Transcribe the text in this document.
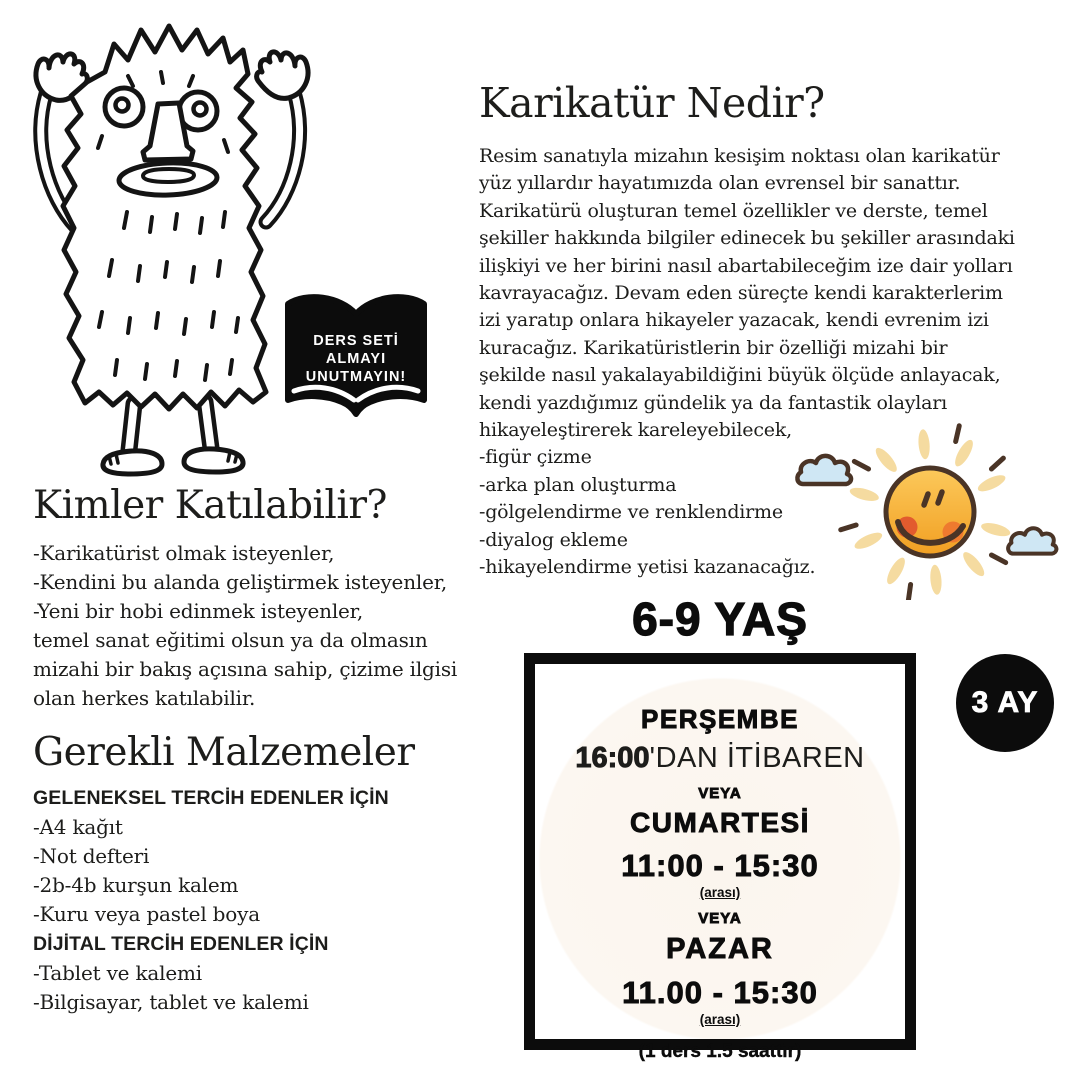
DERS SETİ
ALMAYI
UNUTMAYIN!
Karikatür Nedir?
Resim sanatıyla mizahın kesişim noktası olan karikatür
yüz yıllardır hayatımızda olan evrensel bir sanattır.
Karikatürü oluşturan temel özellikler ve derste, temel
şekiller hakkında bilgiler edinecek bu şekiller arasındaki
ilişkiyi ve her birini nasıl abartabileceğim ize dair yolları
kavrayacağız. Devam eden süreçte kendi karakterlerim
izi yaratıp onlara hikayeler yazacak, kendi evrenim izi
kuracağız. Karikatüristlerin bir özelliği mizahi bir
şekilde nasıl yakalayabildiğini büyük ölçüde anlayacak,
kendi yazdığımız gündelik ya da fantastik olayları
hikayeleştirerek kareleyebilecek,
-figür çizme
-arka plan oluşturma
-gölgelendirme ve renklendirme
-diyalog ekleme
-hikayelendirme yetisi kazanacağız.
Kimler Katılabilir?
-Karikatürist olmak isteyenler,
-Kendini bu alanda geliştirmek isteyenler,
-Yeni bir hobi edinmek isteyenler,
temel sanat eğitimi olsun ya da olmasın
mizahi bir bakış açısına sahip, çizime ilgisi
olan herkes katılabilir.
Gerekli Malzemeler
GELENEKSEL TERCİH EDENLER İÇİN
-A4 kağıt
-Not defteri
-2b-4b kurşun kalem
-Kuru veya pastel boya
DİJİTAL TERCİH EDENLER İÇİN
-Tablet ve kalemi
-Bilgisayar, tablet ve kalemi
6-9 YAŞ
PERŞEMBE
16:00'DAN İTİBAREN
VEYA
CUMARTESİ
11:00 - 15:30
(arası)
VEYA
PAZAR
11.00 - 15:30
(arası)
(1 ders 1.5 saattir)
3 AY
